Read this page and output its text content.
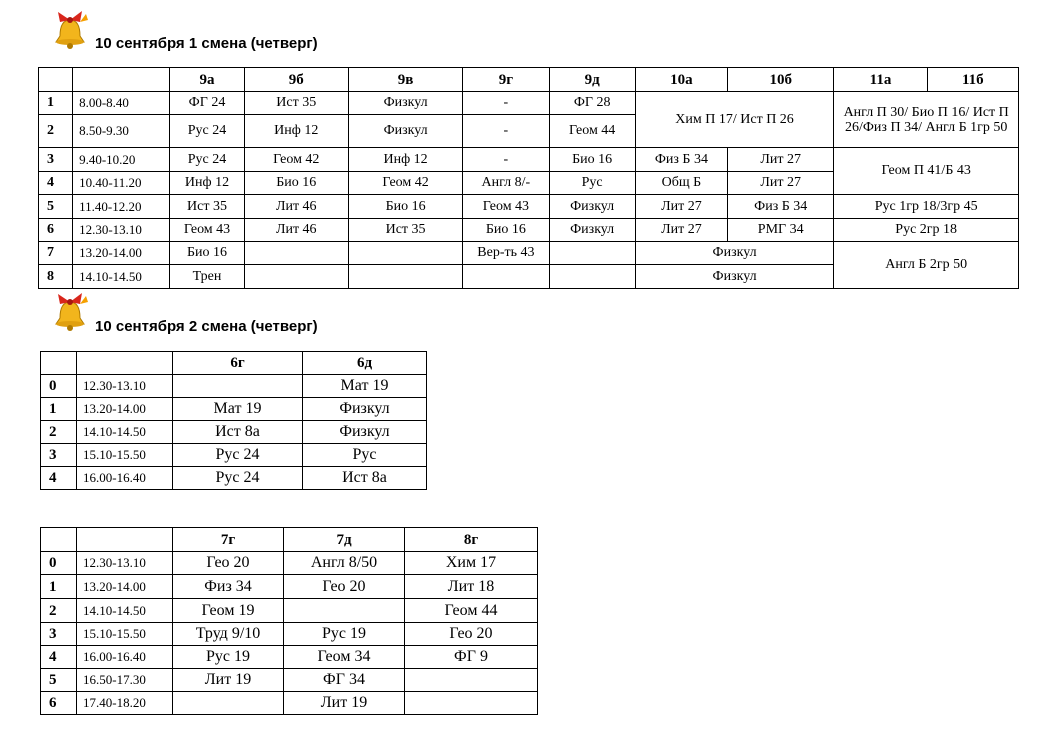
10 сентября 1 смена (четверг)
		9а	9б	9в	9г	9д	10а	10б	11а	11б
1	8.00-8.40	ФГ 24	Ист 35	Физкул	-	ФГ 28	Хим П 17/ Ист П 26		Англ П 30/ Био П 16/ Ист П 26/Физ П 34/ Англ Б 1гр 50	
2	8.50-9.30	Рус 24	Инф 12	Физкул	-	Геом 44				
3	9.40-10.20	Рус 24	Геом 42	Инф 12	-	Био 16	Физ Б 34	Лит 27	Геом П 41/Б 43	
4	10.40-11.20	Инф 12	Био 16	Геом 42	Англ 8/-	Рус	Общ Б	Лит 27		
5	11.40-12.20	Ист 35	Лит 46	Био 16	Геом 43	Физкул	Лит 27	Физ Б 34	Рус 1гр 18/3гр 45	
6	12.30-13.10	Геом 43	Лит 46	Ист 35	Био 16	Физкул	Лит 27	РМГ 34	Рус 2гр 18	
7	13.20-14.00	Био 16			Вер-ть 43		Физкул		Англ Б 2гр 50	
8	14.10-14.50	Трен					Физкул			
10 сентября 2 смена (четверг)
		6г	6д
0	12.30-13.10		Мат 19
1	13.20-14.00	Мат 19	Физкул
2	14.10-14.50	Ист 8а	Физкул
3	15.10-15.50	Рус 24	Рус
4	16.00-16.40	Рус 24	Ист 8а
		7г	7д	8г
0	12.30-13.10	Гео 20	Англ 8/50	Хим 17
1	13.20-14.00	Физ 34	Гео 20	Лит 18
2	14.10-14.50	Геом 19		Геом 44
3	15.10-15.50	Труд 9/10	Рус 19	Гео 20
4	16.00-16.40	Рус 19	Геом 34	ФГ 9
5	16.50-17.30	Лит 19	ФГ 34	
6	17.40-18.20		Лит 19	
